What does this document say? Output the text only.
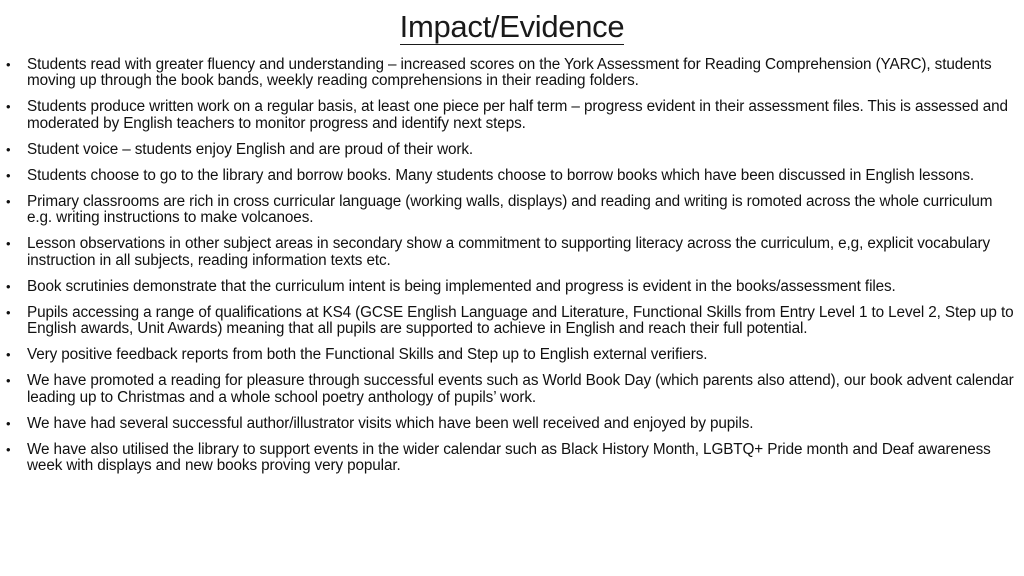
Impact/Evidence
• Students read with greater fluency and understanding – increased scores on the York Assessment for Reading Comprehension (YARC), students moving up through the book bands, weekly reading comprehensions in their reading folders.
• Students produce written work on a regular basis, at least one piece per half term – progress evident in their assessment files. This is assessed and moderated by English teachers to monitor progress and identify next steps.
• Student voice – students enjoy English and are proud of their work.
• Students choose to go to the library and borrow books. Many students choose to borrow books which have been discussed in English lessons.
• Primary classrooms are rich in cross curricular language (working walls, displays) and reading and writing is romoted across the whole curriculum e.g. writing instructions to make volcanoes.
• Lesson observations in other subject areas in secondary show a commitment to supporting literacy across the curriculum, e,g, explicit vocabulary instruction in all subjects, reading information texts etc.
• Book scrutinies demonstrate that the curriculum intent is being implemented and progress is evident in the books/assessment files.
• Pupils accessing a range of qualifications at KS4 (GCSE English Language and Literature, Functional Skills from Entry Level 1 to Level 2, Step up to English awards, Unit Awards) meaning that all pupils are supported to achieve in English and reach their full potential.
• Very positive feedback reports from both the Functional Skills and Step up to English external verifiers.
• We have promoted a reading for pleasure through successful events such as World Book Day (which parents also attend), our book advent calendar leading up to Christmas and a whole school poetry anthology of pupils’ work.
• We have had several successful author/illustrator visits which have been well received and enjoyed by pupils.
• We have also utilised the library to support events in the wider calendar such as Black History Month, LGBTQ+ Pride month and Deaf awareness week with displays and new books proving very popular.
